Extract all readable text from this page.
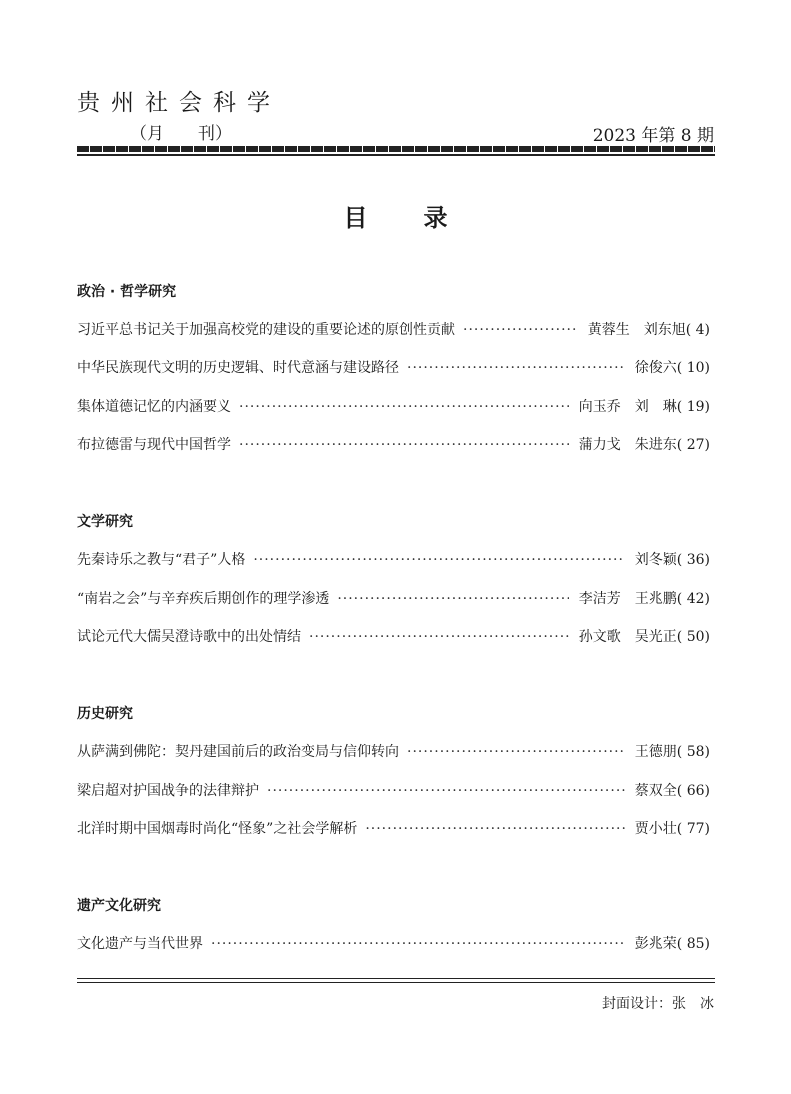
贵州社会科学
（月　　刊）	2023 年第 8 期
目录
政治 · 哲学研究
习近平总书记关于加强高校党的建设的重要论述的原创性贡献 ·····	黄蓉生　刘东旭 ( 4)
中华民族现代文明的历史逻辑、时代意涵与建设路径 ·····	徐俊六 ( 10)
集体道德记忆的内涵要义 ·····	向玉乔　刘　琳 ( 19)
布拉德雷与现代中国哲学 ·····	蒲力戈　朱进东 ( 27)
文学研究
先秦诗乐之教与“君子”人格 ·····	刘冬颖 ( 36)
“南岩之会”与辛弃疾后期创作的理学渗透 ·····	李洁芳　王兆鹏 ( 42)
试论元代大儒吴澄诗歌中的出处情结 ·····	孙文歌　吴光正 ( 50)
历史研究
从萨满到佛陀：契丹建国前后的政治变局与信仰转向 ·····	王德朋 ( 58)
梁启超对护国战争的法律辩护 ·····	蔡双全 ( 66)
北洋时期中国烟毒时尚化“怪象”之社会学解析 ·····	贾小壮 ( 77)
遗产文化研究
文化遗产与当代世界 ·····	彭兆荣 ( 85)
封面设计：张　冰
